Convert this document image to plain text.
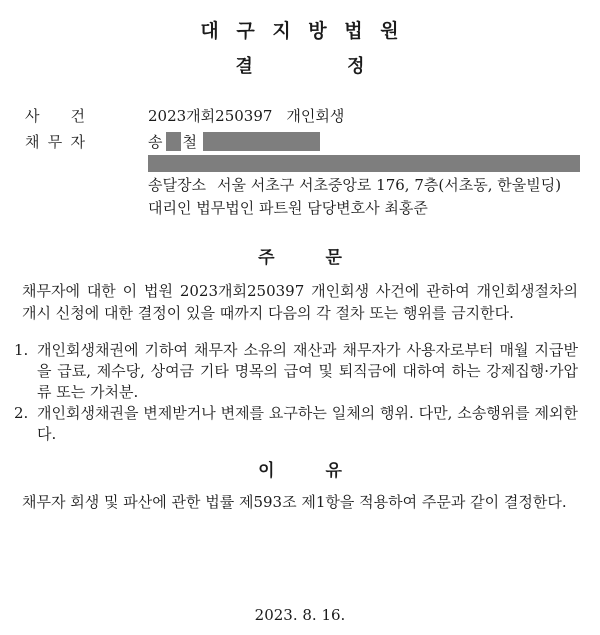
대 구 지 방 법 원
결 정
사 건	2023개회250397 개인회생
채 무 자	송 철
송달장소 서울 서초구 서초중앙로 176, 7층(서초동, 한울빌딩)
대리인 법무법인 파트원 담당변호사 최홍준
주 문
채무자에 대한 이 법원 2023개회250397 개인회생 사건에 관하여 개인회생절차의 개시 신청에 대한 결정이 있을 때까지 다음의 각 절차 또는 행위를 금지한다.
1. 개인회생채권에 기하여 채무자 소유의 재산과 채무자가 사용자로부터 매월 지급받을 급료, 제수당, 상여금 기타 명목의 급여 및 퇴직금에 대하여 하는 강제집행·가압류 또는 가처분.
2. 개인회생채권을 변제받거나 변제를 요구하는 일체의 행위. 다만, 소송행위를 제외한다.
이 유
채무자 회생 및 파산에 관한 법률 제593조 제1항을 적용하여 주문과 같이 결정한다.
2023. 8. 16.
